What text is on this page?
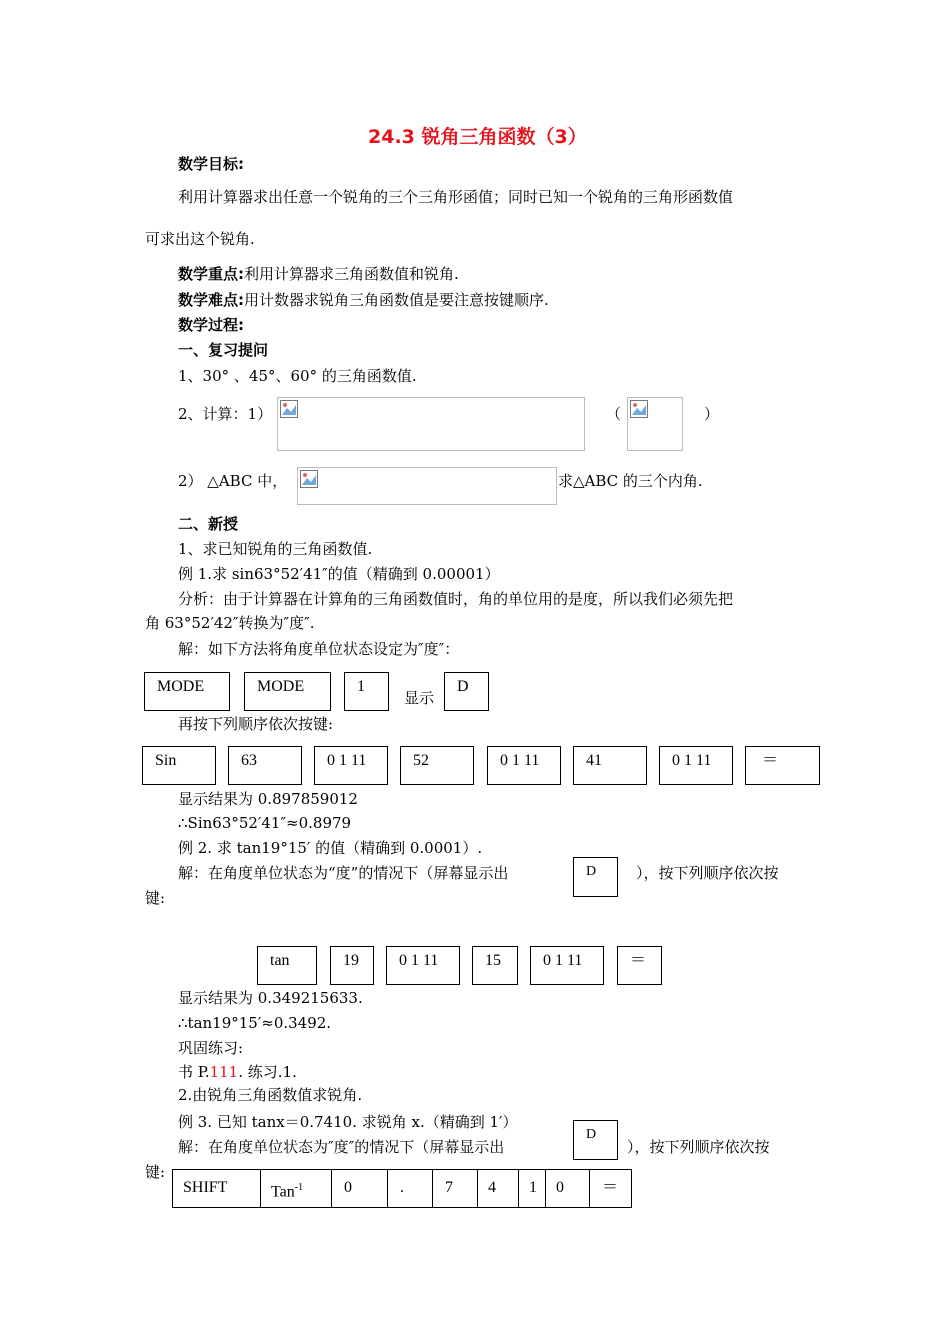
24.3 锐角三角函数（3）
数学目标:
利用计算器求出任意一个锐角的三个三角形函值；同时已知一个锐角的三角形函数值
可求出这个锐角.
数学重点:利用计算器求三角函数值和锐角.
数学难点:用计数器求锐角三角函数值是要注意按键顺序.
数学过程:
一、复习提问
1、30° 、45°、60° 的三角函数值.
2、计算：1）	（	）
2） △ABC 中，	求△ABC 的三个内角.
二、新授
1、求已知锐角的三角函数值.
例 1.求 sin63°52′41″的值（精确到 0.00001）
分析：由于计算器在计算角的三角函数值时，角的单位用的是度，所以我们必须先把
角 63°52′42″转换为″度″.
解：如下方法将角度单位状态设定为″度″：
MODE	MODE	1
显示
D
再按下列顺序依次按键:
Sin	63	0 1 11	52	0 1 11	41	0 1 11	＝
显示结果为 0.897859012
∴Sin63°52′41″≈0.8979
例 2. 求 tan19°15′ 的值（精确到 0.0001）.
解：在角度单位状态为“度”的情况下（屏幕显示出	D	），按下列顺序依次按
键:
tan	19	0 1 11	15	0 1 11	＝
显示结果为 0.349215633.
∴tan19°15′≈0.3492.
巩固练习:
书 P.111. 练习.1.
2.由锐角三角函数值求锐角.
例 3. 已知 tanx＝0.7410. 求锐角 x.（精确到 1′）
解：在角度单位状态为″度″的情况下（屏幕显示出
D
），按下列顺序依次按
键:
SHIFT	Tan$^{-1}$	0	.	7	4	1	0	＝
